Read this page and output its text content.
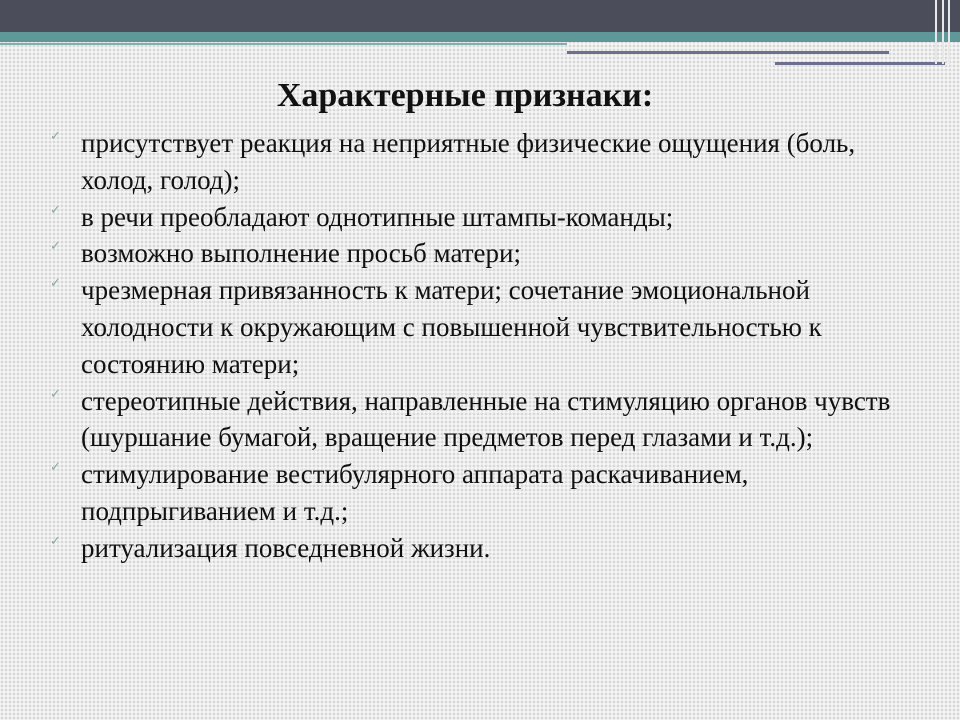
Характерные признаки:
✓ присутствует реакция на неприятные физические ощущения (боль, холод, голод);
✓ в речи преобладают однотипные штампы-команды;
✓ возможно выполнение просьб матери;
✓ чрезмерная привязанность к матери; сочетание эмоциональной холодности к окружающим с повышенной чувствительностью к состоянию матери;
✓ стереотипные действия, направленные на стимуляцию органов чувств (шуршание бумагой, вращение предметов перед глазами и т.д.);
✓ стимулирование вестибулярного аппарата раскачиванием, подпрыгиванием и т.д.;
✓ ритуализация повседневной жизни.
